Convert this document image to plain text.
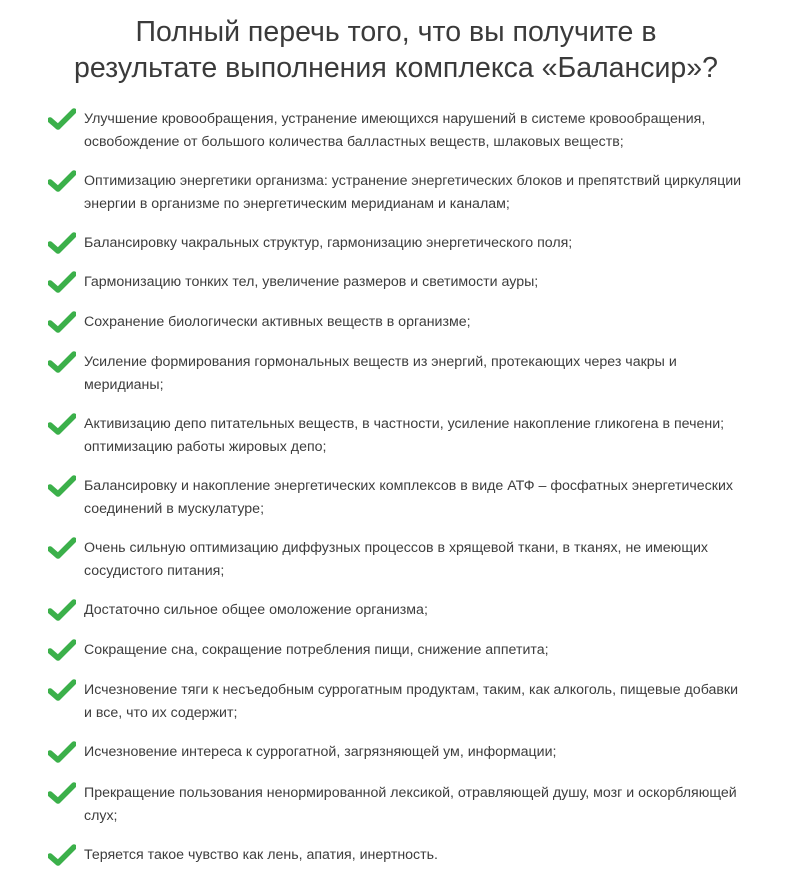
Полный перечь того, что вы получите в
результате выполнения комплекса «Балансир»?
Улучшение кровообращения, устранение имеющихся нарушений в системе кровообращения, освобождение от большого количества балластных веществ, шлаковых веществ;
Оптимизацию энергетики организма: устранение энергетических блоков и препятствий циркуляции энергии в организме по энергетическим меридианам и каналам;
Балансировку чакральных структур, гармонизацию энергетического поля;
Гармонизацию тонких тел, увеличение размеров и светимости ауры;
Сохранение биологически активных веществ в организме;
Усиление формирования гормональных веществ из энергий, протекающих через чакры и меридианы;
Активизацию депо питательных веществ, в частности, усиление накопление гликогена в печени; оптимизацию работы жировых депо;
Балансировку и накопление энергетических комплексов в виде АТФ – фосфатных энергетических соединений в мускулатуре;
Очень сильную оптимизацию диффузных процессов в хрящевой ткани, в тканях, не имеющих сосудистого питания;
Достаточно сильное общее омоложение организма;
Сокращение сна, сокращение потребления пищи, снижение аппетита;
Исчезновение тяги к несъедобным суррогатным продуктам, таким, как алкоголь, пищевые добавки и все, что их содержит;
Исчезновение интереса к суррогатной, загрязняющей ум, информации;
Прекращение пользования ненормированной лексикой, отравляющей душу, мозг и оскорбляющей слух;
Теряется такое чувство как лень, апатия, инертность.
